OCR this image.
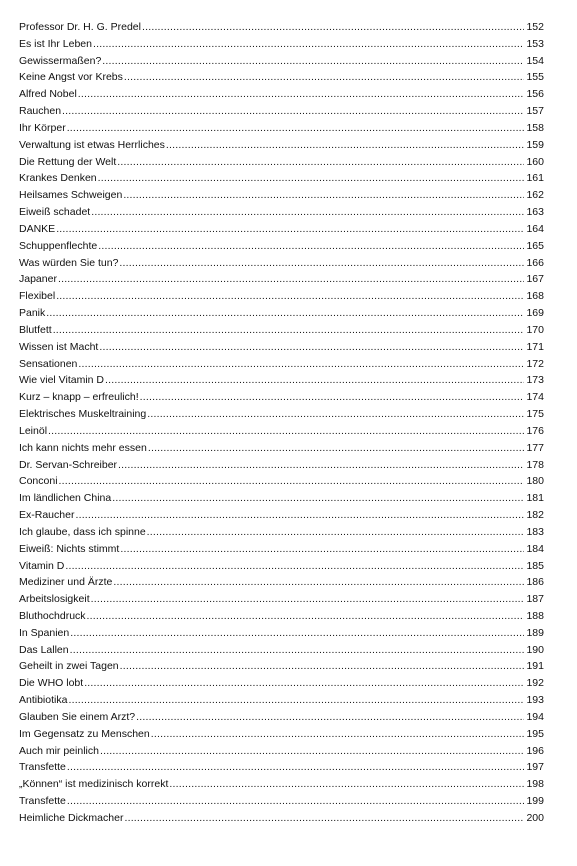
Professor Dr. H. G. Predel .....	152
Es ist Ihr Leben .....	153
Gewissermaßen? .....	154
Keine Angst vor Krebs .....	155
Alfred Nobel .....	156
Rauchen .....	157
Ihr Körper .....	158
Verwaltung ist etwas Herrliches .....	159
Die Rettung der Welt .....	160
Krankes Denken .....	161
Heilsames Schweigen .....	162
Eiweiß schadet .....	163
DANKE .....	164
Schuppenflechte .....	165
Was würden Sie tun? .....	166
Japaner .....	167
Flexibel .....	168
Panik .....	169
Blutfett .....	170
Wissen ist Macht .....	171
Sensationen .....	172
Wie viel Vitamin D .....	173
Kurz – knapp – erfreulich! .....	174
Elektrisches Muskeltraining .....	175
Leinöl .....	176
Ich kann nichts mehr essen .....	177
Dr. Servan-Schreiber .....	178
Conconi .....	180
Im ländlichen China .....	181
Ex-Raucher .....	182
Ich glaube, dass ich spinne .....	183
Eiweiß: Nichts stimmt .....	184
Vitamin D .....	185
Mediziner und Ärzte .....	186
Arbeitslosigkeit .....	187
Bluthochdruck .....	188
In Spanien .....	189
Das Lallen .....	190
Geheilt in zwei Tagen .....	191
Die WHO lobt .....	192
Antibiotika .....	193
Glauben Sie einem Arzt? .....	194
Im Gegensatz zu Menschen .....	195
Auch mir peinlich .....	196
Transfette .....	197
„Können“ ist medizinisch korrekt .....	198
Transfette .....	199
Heimliche Dickmacher .....	200
